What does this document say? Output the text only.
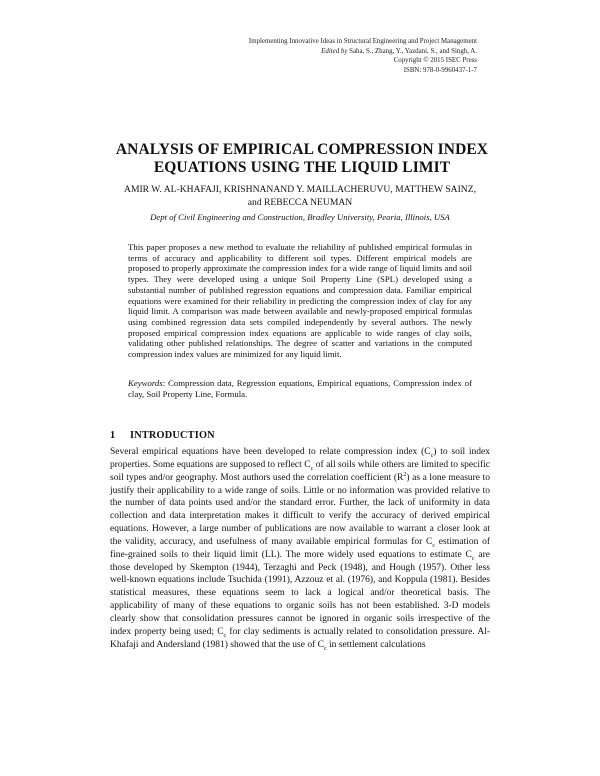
Implementing Innovative Ideas in Structural Engineering and Project Management
Edited by Saha, S., Zhang, Y., Yazdani, S., and Singh, A.
Copyright © 2015 ISEC Press
ISBN: 978-0-9960437-1-7
ANALYSIS OF EMPIRICAL COMPRESSION INDEX
EQUATIONS USING THE LIQUID LIMIT
AMIR W. AL-KHAFAJI, KRISHNANAND Y. MAILLACHERUVU, MATTHEW SAINZ,
and REBECCA NEUMAN
Dept of Civil Engineering and Construction, Bradley University, Peoria, Illinois, USA

This paper proposes a new method to evaluate the reliability of published empirical formulas in terms of accuracy and applicability to different soil types. Different empirical models are proposed to properly approximate the compression index for a wide range of liquid limits and soil types. They were developed using a unique Soil Property Line (SPL) developed using a substantial number of published regression equations and compression data. Familiar empirical equations were examined for their reliability in predicting the compression index of clay for any liquid limit. A comparison was made between available and newly-proposed empirical formulas using combined regression data sets compiled independently by several authors. The newly proposed empirical compression index equations are applicable to wide ranges of clay soils, validating other published relationships. The degree of scatter and variations in the computed compression index values are minimized for any liquid limit.

Keywords: Compression data, Regression equations, Empirical equations, Compression index of clay, Soil Property Line, Formula.
1 INTRODUCTION

Several empirical equations have been developed to relate compression index $(C_c)$ to soil index properties. Some equations are supposed to reflect $C_c$ of all soils while others are limited to specific soil types and/or geography. Most authors used the correlation coefficient $(R^2)$ as a lone measure to justify their applicability to a wide range of soils. Little or no information was provided relative to the number of data points used and/or the standard error. Further, the lack of uniformity in data collection and data interpretation makes it difficult to verify the accuracy of derived empirical equations. However, a large number of publications are now available to warrant a closer look at the validity, accuracy, and usefulness of many available empirical formulas for $C_c$ estimation of fine-grained soils to their liquid limit (LL). The more widely used equations to estimate $C_c$ are those developed by Skempton (1944), Terzaghi and Peck (1948), and Hough (1957). Other less well-known equations include Tsuchida (1991), Azzouz et al. (1976), and Koppula (1981). Besides statistical measures, these equations seem to lack a logical and/or theoretical basis. The applicability of many of these equations to organic soils has not been established. 3-D models clearly show that consolidation pressures cannot be ignored in organic soils irrespective of the index property being used; $C_c$ for clay sediments is actually related to consolidation pressure. Al-Khafaji and Andersland (1981) showed that the use of $C_c$ in settlement calculations
